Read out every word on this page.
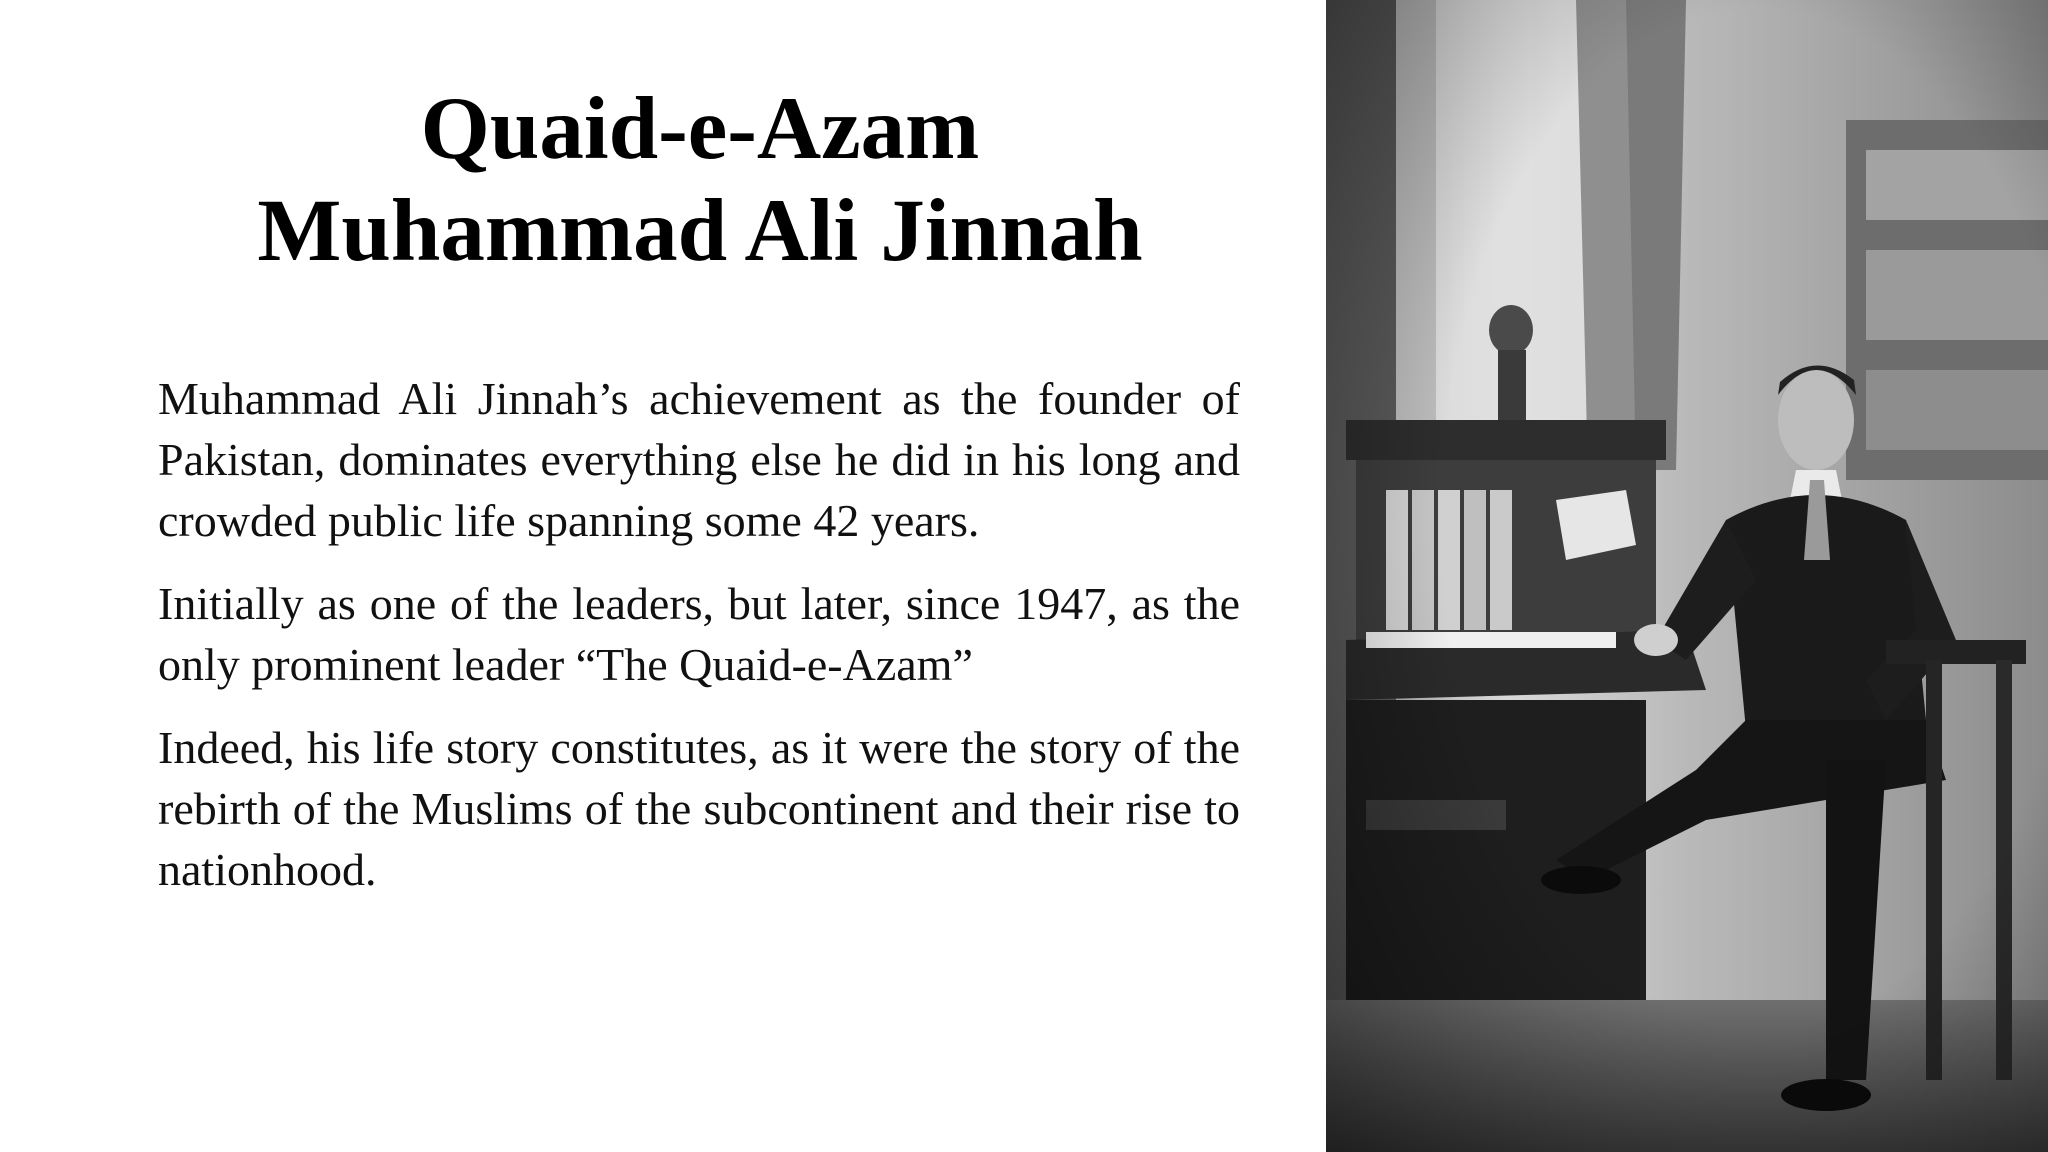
Quaid-e-Azam
Muhammad Ali Jinnah

Muhammad Ali Jinnah’s achievement as the founder of Pakistan, dominates everything else he did in his long and crowded public life spanning some 42 years.

Initially as one of the leaders, but later, since 1947, as the only prominent leader “The Quaid-e-Azam”

Indeed, his life story constitutes, as it were the story of the rebirth of the Muslims of the subcontinent and their rise to nationhood.
